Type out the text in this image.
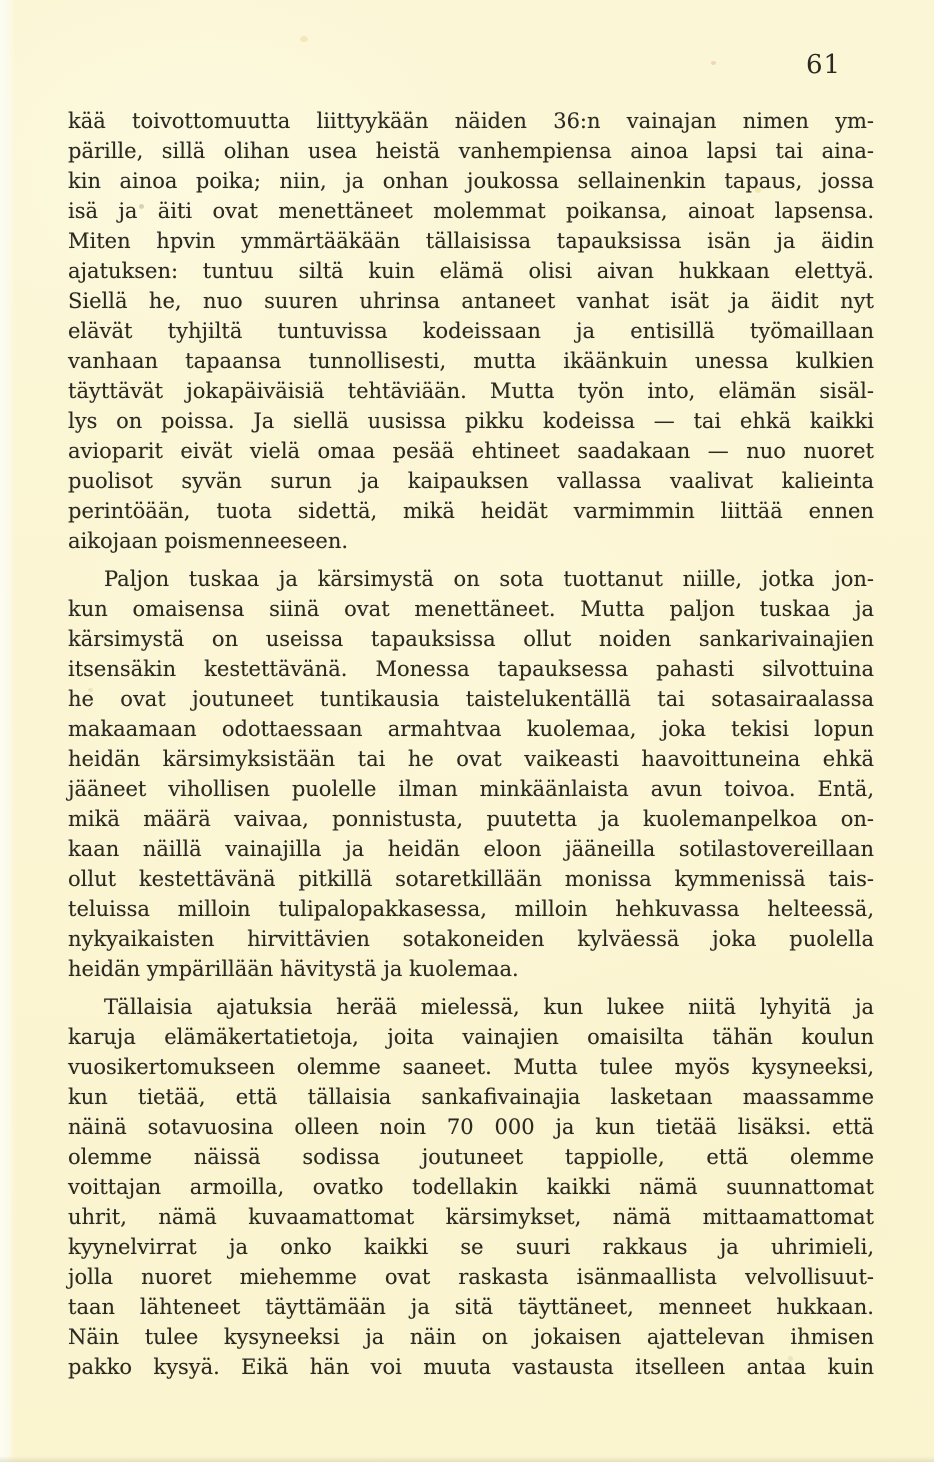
61
kää toivottomuutta liittyykään näiden 36:n vainajan nimen ym-
pärille, sillä olihan usea heistä vanhempiensa ainoa lapsi tai aina-
kin ainoa poika; niin, ja onhan joukossa sellainenkin tapaus, jossa
isä ja äiti ovat menettäneet molemmat poikansa, ainoat lapsensa.
Miten hpvin ymmärtääkään tällaisissa tapauksissa isän ja äidin
ajatuksen: tuntuu siltä kuin elämä olisi aivan hukkaan elettyä.
Siellä he, nuo suuren uhrinsa antaneet vanhat isät ja äidit nyt
elävät tyhjiltä tuntuvissa kodeissaan ja entisillä työmaillaan
vanhaan tapaansa tunnollisesti, mutta ikäänkuin unessa kulkien
täyttävät jokapäiväisiä tehtäviään. Mutta työn into, elämän sisäl-
lys on poissa. Ja siellä uusissa pikku kodeissa — tai ehkä kaikki
avioparit eivät vielä omaa pesää ehtineet saadakaan — nuo nuoret
puolisot syvän surun ja kaipauksen vallassa vaalivat kalieinta
perintöään, tuota sidettä, mikä heidät varmimmin liittää ennen
aikojaan poismenneeseen.
Paljon tuskaa ja kärsimystä on sota tuottanut niille, jotka jon-
kun omaisensa siinä ovat menettäneet. Mutta paljon tuskaa ja
kärsimystä on useissa tapauksissa ollut noiden sankarivainajien
itsensäkin kestettävänä. Monessa tapauksessa pahasti silvottuina
he ovat joutuneet tuntikausia taistelukentällä tai sotasairaalassa
makaamaan odottaessaan armahtvaa kuolemaa, joka tekisi lopun
heidän kärsimyksistään tai he ovat vaikeasti haavoittuneina ehkä
jääneet vihollisen puolelle ilman minkäänlaista avun toivoa. Entä,
mikä määrä vaivaa, ponnistusta, puutetta ja kuolemanpelkoa on-
kaan näillä vainajilla ja heidän eloon jääneilla sotilastovereillaan
ollut kestettävänä pitkillä sotaretkillään monissa kymmenissä tais-
teluissa milloin tulipalopakkasessa, milloin hehkuvassa helteessä,
nykyaikaisten hirvittävien sotakoneiden kylväessä joka puolella
heidän ympärillään hävitystä ja kuolemaa.
Tällaisia ajatuksia herää mielessä, kun lukee niitä lyhyitä ja
karuja elämäkertatietoja, joita vainajien omaisilta tähän koulun
vuosikertomukseen olemme saaneet. Mutta tulee myös kysyneeksi,
kun tietää, että tällaisia sankafivainajia lasketaan maassamme
näinä sotavuosina olleen noin 70 000 ja kun tietää lisäksi. että
olemme näissä sodissa joutuneet tappiolle, että olemme
voittajan armoilla, ovatko todellakin kaikki nämä suunnattomat
uhrit, nämä kuvaamattomat kärsimykset, nämä mittaamattomat
kyynelvirrat ja onko kaikki se suuri rakkaus ja uhrimieli,
jolla nuoret miehemme ovat raskasta isänmaallista velvollisuut-
taan lähteneet täyttämään ja sitä täyttäneet, menneet hukkaan.
Näin tulee kysyneeksi ja näin on jokaisen ajattelevan ihmisen
pakko kysyä. Eikä hän voi muuta vastausta itselleen antaa kuin
